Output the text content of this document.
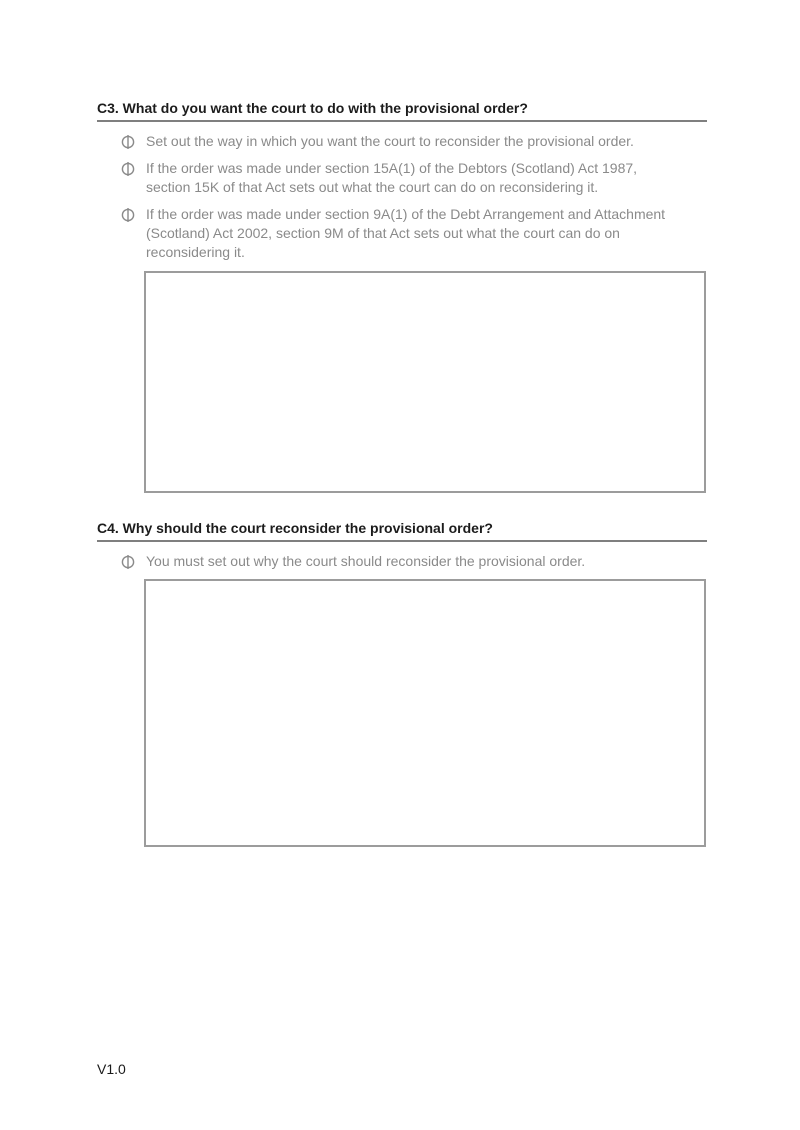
C3. What do you want the court to do with the provisional order?
Set out the way in which you want the court to reconsider the provisional order.
If the order was made under section 15A(1) of the Debtors (Scotland) Act 1987, section 15K of that Act sets out what the court can do on reconsidering it.
If the order was made under section 9A(1) of the Debt Arrangement and Attachment (Scotland) Act 2002, section 9M of that Act sets out what the court can do on reconsidering it.
C4. Why should the court reconsider the provisional order?
You must set out why the court should reconsider the provisional order.
V1.0
